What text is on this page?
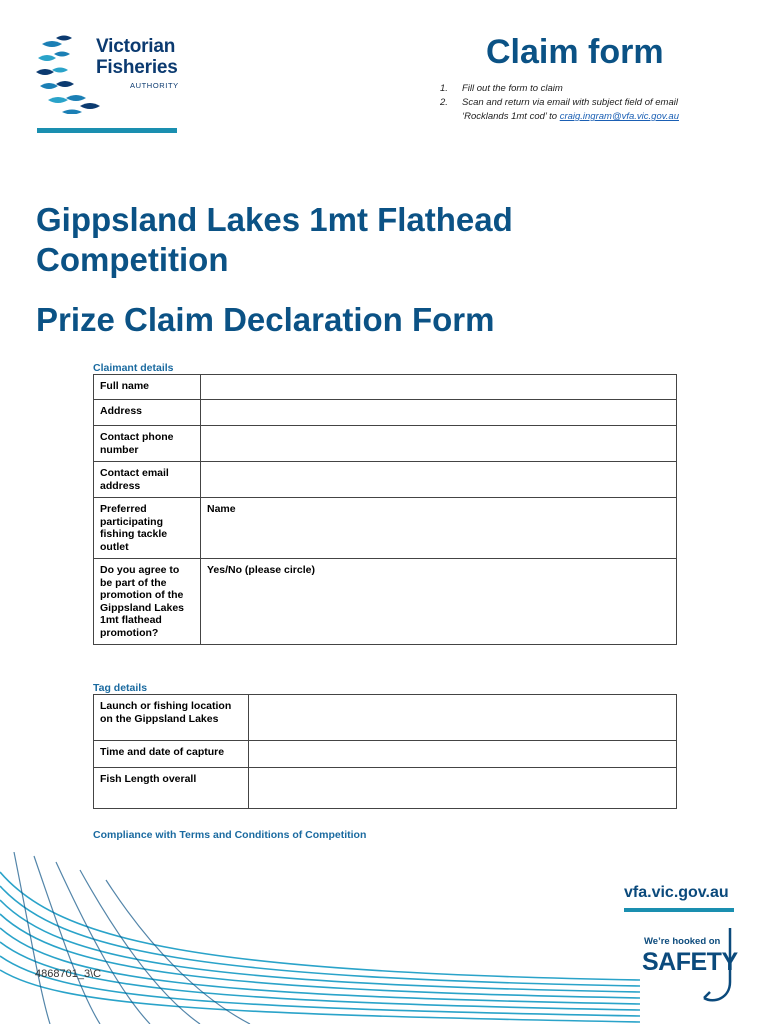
Victorian
Fisheries
AUTHORITY
Claim form
1.	Fill out the form to claim
2.	Scan and return via email with subject field of email
‘Rocklands 1mt cod’ to craig.ingram@vfa.vic.gov.au
Gippsland Lakes 1mt Flathead Competition
Prize Claim Declaration Form
Claimant details
Full name	
Address	
Contact phone number	
Contact email address	
Preferred participating fishing tackle outlet	Name
Do you agree to be part of the promotion of the Gippsland Lakes 1mt flathead promotion?	Yes/No (please circle)
Tag details
Launch or fishing location on the Gippsland Lakes	
Time and date of capture	
Fish Length overall	
Compliance with Terms and Conditions of Competition
4868701_3\C
vfa.vic.gov.au
We’re hooked on
SAFETY
